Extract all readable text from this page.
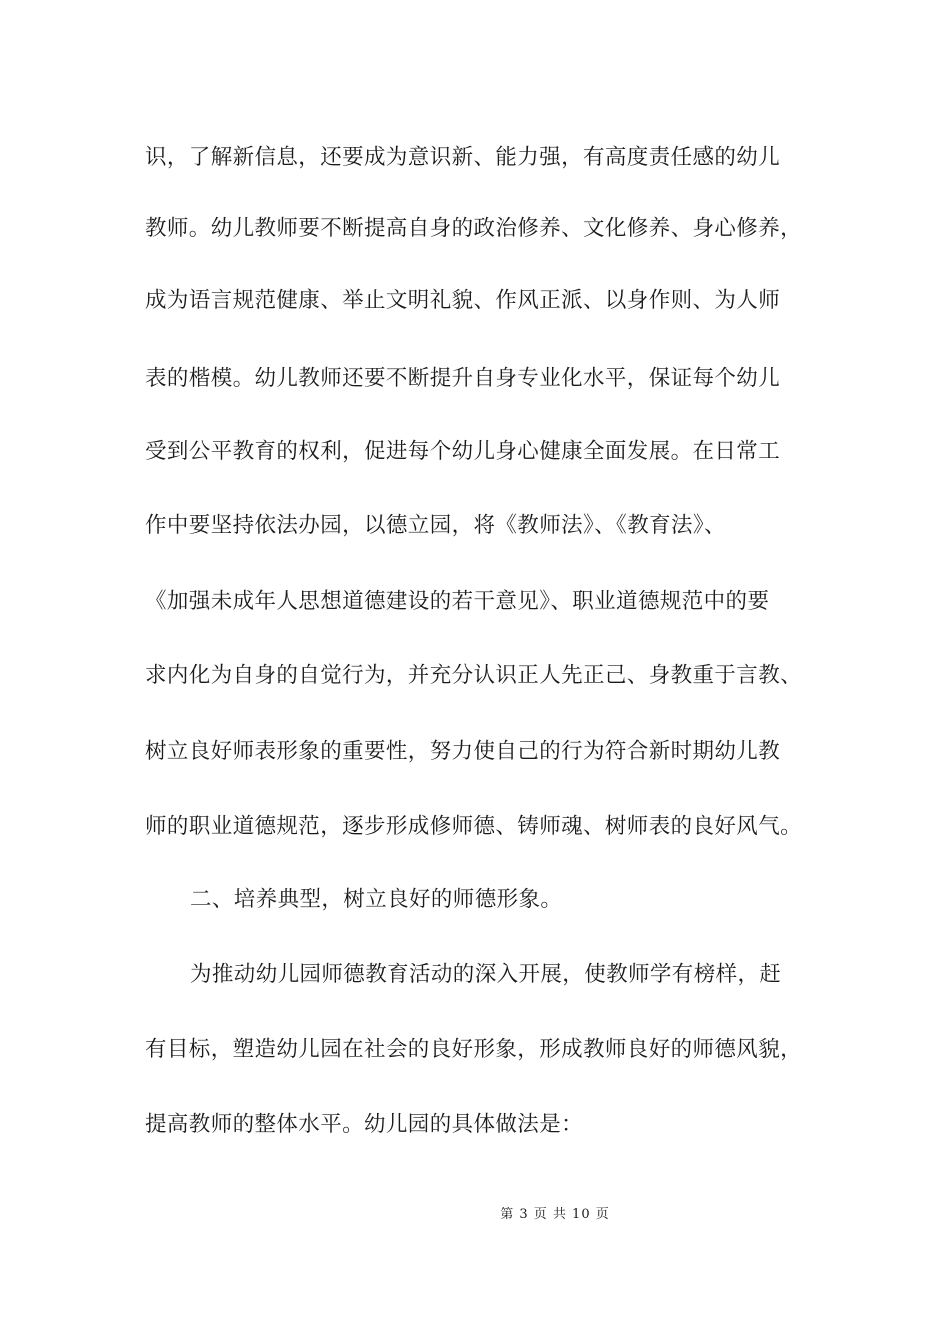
识，了解新信息，还要成为意识新、能力强，有高度责任感的幼儿
教师。幼儿教师要不断提高自身的政治修养、文化修养、身心修养，
成为语言规范健康、举止文明礼貌、作风正派、以身作则、为人师
表的楷模。幼儿教师还要不断提升自身专业化水平，保证每个幼儿
受到公平教育的权利，促进每个幼儿身心健康全面发展。在日常工
作中要坚持依法办园，以德立园，将《教师法》、《教育法》、
《加强未成年人思想道德建设的若干意见》、职业道德规范中的要
求内化为自身的自觉行为，并充分认识正人先正己、身教重于言教、
树立良好师表形象的重要性，努力使自己的行为符合新时期幼儿教
师的职业道德规范，逐步形成修师德、铸师魂、树师表的良好风气。
二、培养典型，树立良好的师德形象。
为推动幼儿园师德教育活动的深入开展，使教师学有榜样，赶
有目标，塑造幼儿园在社会的良好形象，形成教师良好的师德风貌，
提高教师的整体水平。幼儿园的具体做法是：
第 3 页 共 10 页
